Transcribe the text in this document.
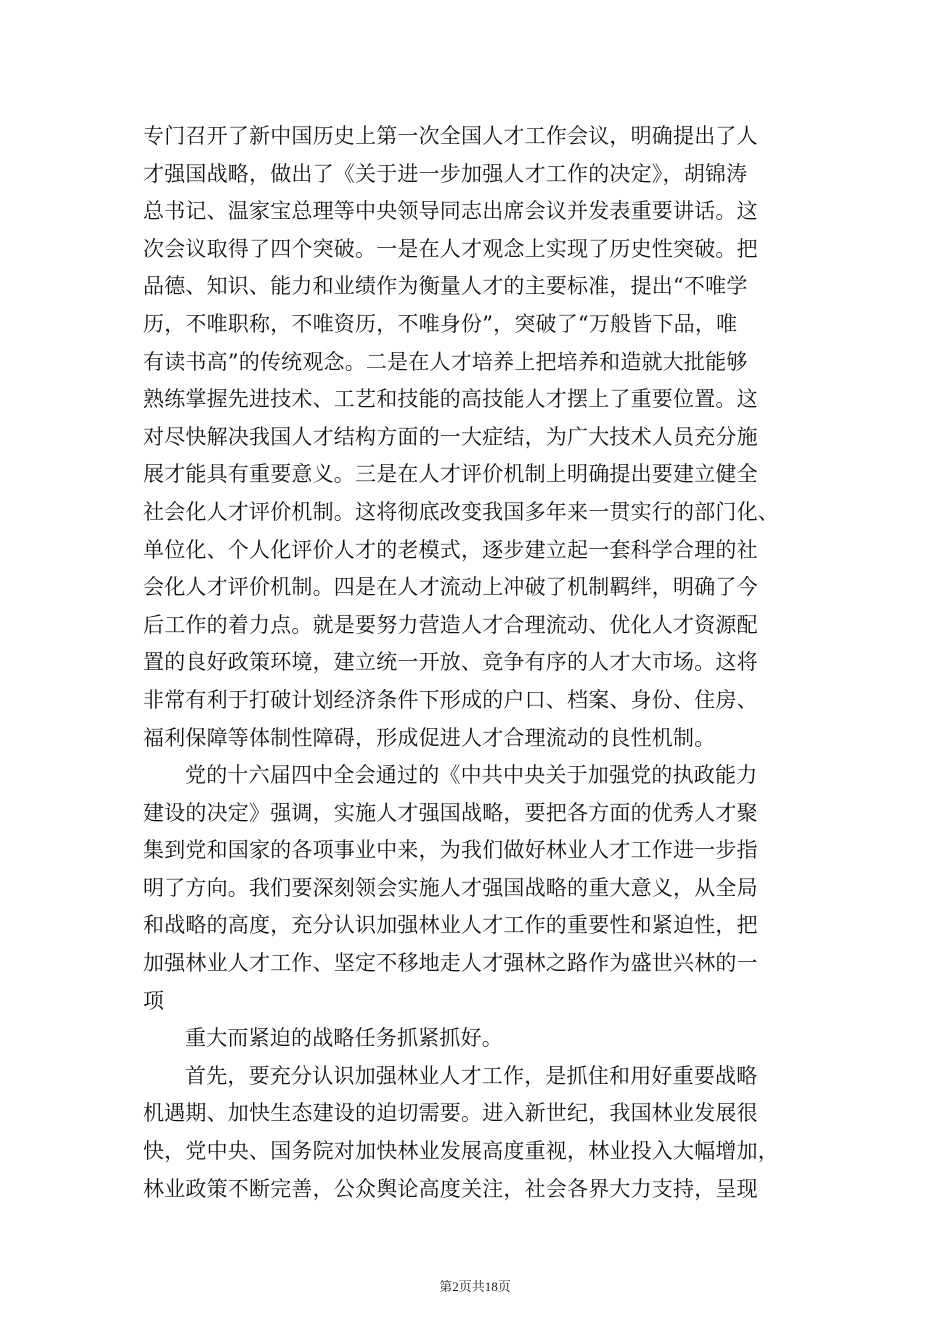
专门召开了新中国历史上第一次全国人才工作会议，明确提出了人
才强国战略，做出了《关于进一步加强人才工作的决定》，胡锦涛
总书记、温家宝总理等中央领导同志出席会议并发表重要讲话。这
次会议取得了四个突破。一是在人才观念上实现了历史性突破。把
品德、知识、能力和业绩作为衡量人才的主要标准，提出“不唯学
历，不唯职称，不唯资历，不唯身份”，突破了“万般皆下品，唯
有读书高”的传统观念。二是在人才培养上把培养和造就大批能够
熟练掌握先进技术、工艺和技能的高技能人才摆上了重要位置。这
对尽快解决我国人才结构方面的一大症结，为广大技术人员充分施
展才能具有重要意义。三是在人才评价机制上明确提出要建立健全
社会化人才评价机制。这将彻底改变我国多年来一贯实行的部门化、
单位化、个人化评价人才的老模式，逐步建立起一套科学合理的社
会化人才评价机制。四是在人才流动上冲破了机制羁绊，明确了今
后工作的着力点。就是要努力营造人才合理流动、优化人才资源配
置的良好政策环境，建立统一开放、竞争有序的人才大市场。这将
非常有利于打破计划经济条件下形成的户口、档案、身份、住房、
福利保障等体制性障碍，形成促进人才合理流动的良性机制。
党的十六届四中全会通过的《中共中央关于加强党的执政能力
建设的决定》强调，实施人才强国战略，要把各方面的优秀人才聚
集到党和国家的各项事业中来，为我们做好林业人才工作进一步指
明了方向。我们要深刻领会实施人才强国战略的重大意义，从全局
和战略的高度，充分认识加强林业人才工作的重要性和紧迫性，把
加强林业人才工作、坚定不移地走人才强林之路作为盛世兴林的一
项
重大而紧迫的战略任务抓紧抓好。
首先，要充分认识加强林业人才工作，是抓住和用好重要战略
机遇期、加快生态建设的迫切需要。进入新世纪，我国林业发展很
快，党中央、国务院对加快林业发展高度重视，林业投入大幅增加，
林业政策不断完善，公众舆论高度关注，社会各界大力支持，呈现
第2页共18页
